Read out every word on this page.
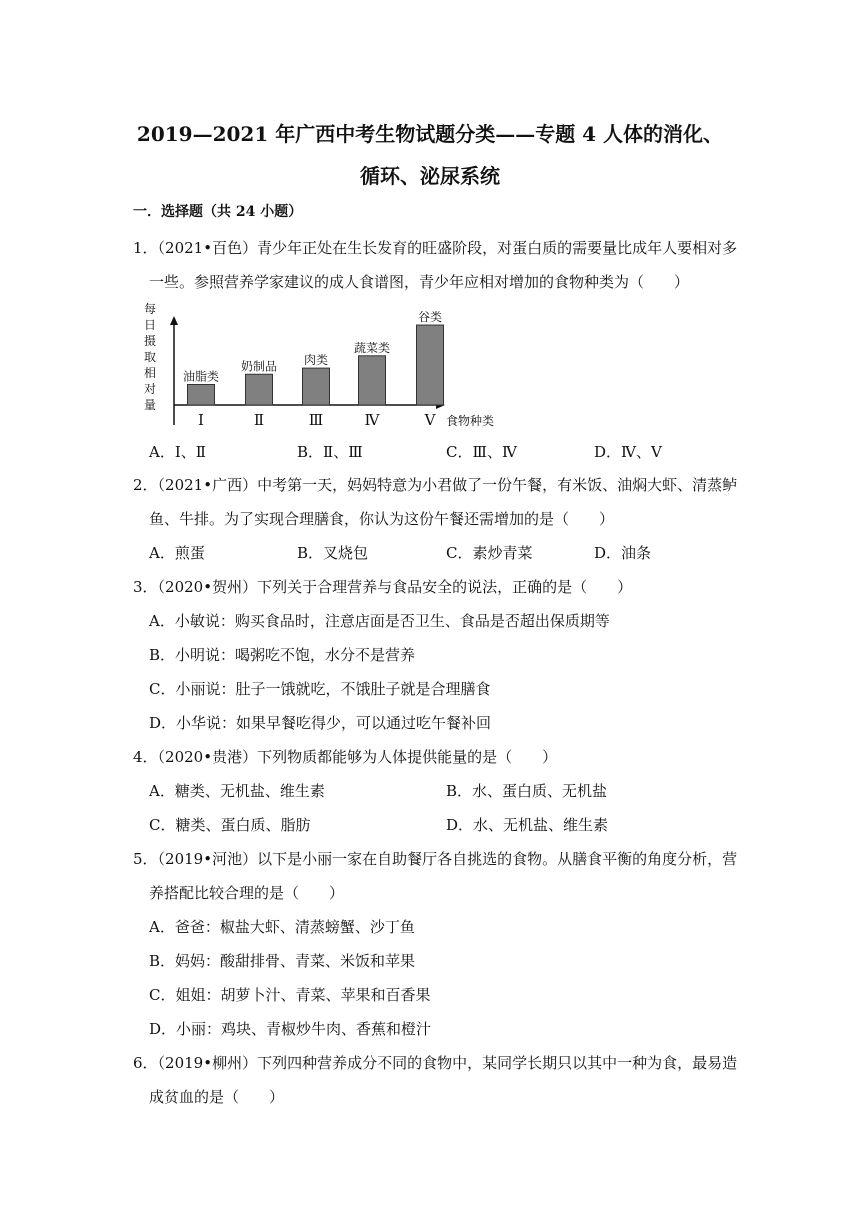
2019—2021 年广西中考生物试题分类——专题 4 人体的消化、
循环、泌尿系统
一．选择题（共 24 小题）
1．（2021•百色）青少年正处在生长发育的旺盛阶段，对蛋白质的需要量比成年人要相对多
一些。参照营养学家建议的成人食谱图，青少年应相对增加的食物种类为（　　）
每日摄取相对量
食物种类
油脂类
Ⅰ
奶制品
Ⅱ
肉类
Ⅲ
蔬菜类
Ⅳ
谷类
Ⅴ
A．Ⅰ、Ⅱ	B．Ⅱ、Ⅲ	C．Ⅲ、Ⅳ	D．Ⅳ、Ⅴ
2．（2021•广西）中考第一天，妈妈特意为小君做了一份午餐，有米饭、油焖大虾、清蒸鲈
鱼、牛排。为了实现合理膳食，你认为这份午餐还需增加的是（　　）
A．煎蛋	B．叉烧包	C．素炒青菜	D．油条
3．（2020•贺州）下列关于合理营养与食品安全的说法，正确的是（　　）
A．小敏说：购买食品时，注意店面是否卫生、食品是否超出保质期等
B．小明说：喝粥吃不饱，水分不是营养
C．小丽说：肚子一饿就吃，不饿肚子就是合理膳食
D．小华说：如果早餐吃得少，可以通过吃午餐补回
4．（2020•贵港）下列物质都能够为人体提供能量的是（　　）
A．糖类、无机盐、维生素	B．水、蛋白质、无机盐
C．糖类、蛋白质、脂肪	D．水、无机盐、维生素
5．（2019•河池）以下是小丽一家在自助餐厅各自挑选的食物。从膳食平衡的角度分析，营
养搭配比较合理的是（　　）
A．爸爸：椒盐大虾、清蒸螃蟹、沙丁鱼
B．妈妈：酸甜排骨、青菜、米饭和苹果
C．姐姐：胡萝卜汁、青菜、苹果和百香果
D．小丽：鸡块、青椒炒牛肉、香蕉和橙汁
6．（2019•柳州）下列四种营养成分不同的食物中，某同学长期只以其中一种为食，最易造
成贫血的是（　　）
